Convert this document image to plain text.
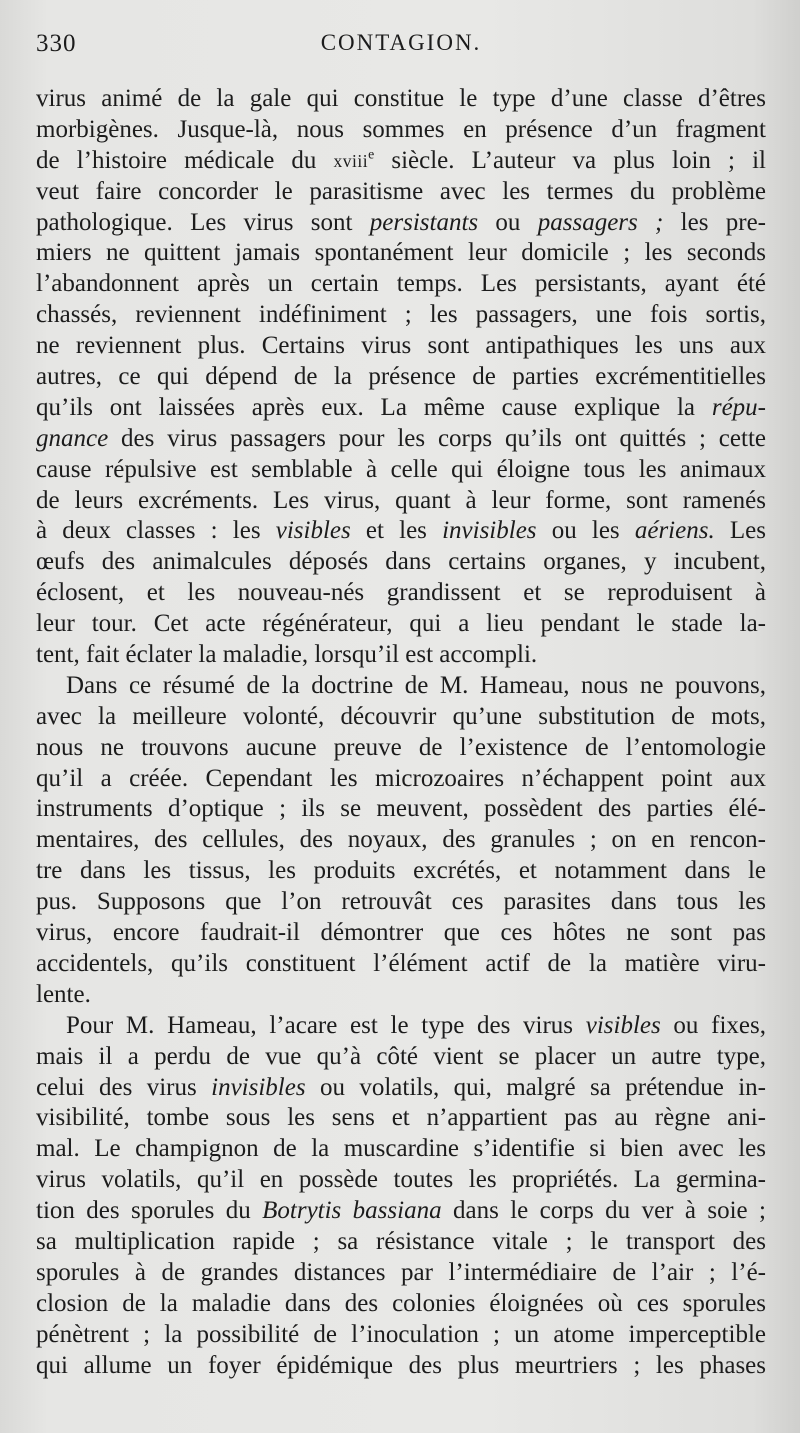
330	CONTAGION.
virus animé de la gale qui constitue le type d’une classe d’êtres
morbigènes. Jusque-là, nous sommes en présence d’un fragment
de l’histoire médicale du xviii$^e$ siècle. L’auteur va plus loin ; il
veut faire concorder le parasitisme avec les termes du problème
pathologique. Les virus sont persistants ou passagers ; les pre-
miers ne quittent jamais spontanément leur domicile ; les seconds
l’abandonnent après un certain temps. Les persistants, ayant été
chassés, reviennent indéfiniment ; les passagers, une fois sortis,
ne reviennent plus. Certains virus sont antipathiques les uns aux
autres, ce qui dépend de la présence de parties excrémentitielles
qu’ils ont laissées après eux. La même cause explique la répu-
gnance des virus passagers pour les corps qu’ils ont quittés ; cette
cause répulsive est semblable à celle qui éloigne tous les animaux
de leurs excréments. Les virus, quant à leur forme, sont ramenés
à deux classes : les visibles et les invisibles ou les aériens. Les
œufs des animalcules déposés dans certains organes, y incubent,
éclosent, et les nouveau-nés grandissent et se reproduisent à
leur tour. Cet acte régénérateur, qui a lieu pendant le stade la-
tent, fait éclater la maladie, lorsqu’il est accompli.
Dans ce résumé de la doctrine de M. Hameau, nous ne pouvons,
avec la meilleure volonté, découvrir qu’une substitution de mots,
nous ne trouvons aucune preuve de l’existence de l’entomologie
qu’il a créée. Cependant les microzoaires n’échappent point aux
instruments d’optique ; ils se meuvent, possèdent des parties élé-
mentaires, des cellules, des noyaux, des granules ; on en rencon-
tre dans les tissus, les produits excrétés, et notamment dans le
pus. Supposons que l’on retrouvât ces parasites dans tous les
virus, encore faudrait-il démontrer que ces hôtes ne sont pas
accidentels, qu’ils constituent l’élément actif de la matière viru-
lente.
Pour M. Hameau, l’acare est le type des virus visibles ou fixes,
mais il a perdu de vue qu’à côté vient se placer un autre type,
celui des virus invisibles ou volatils, qui, malgré sa prétendue in-
visibilité, tombe sous les sens et n’appartient pas au règne ani-
mal. Le champignon de la muscardine s’identifie si bien avec les
virus volatils, qu’il en possède toutes les propriétés. La germina-
tion des sporules du Botrytis bassiana dans le corps du ver à soie ;
sa multiplication rapide ; sa résistance vitale ; le transport des
sporules à de grandes distances par l’intermédiaire de l’air ; l’é-
closion de la maladie dans des colonies éloignées où ces sporules
pénètrent ; la possibilité de l’inoculation ; un atome imperceptible
qui allume un foyer épidémique des plus meurtriers ; les phases
